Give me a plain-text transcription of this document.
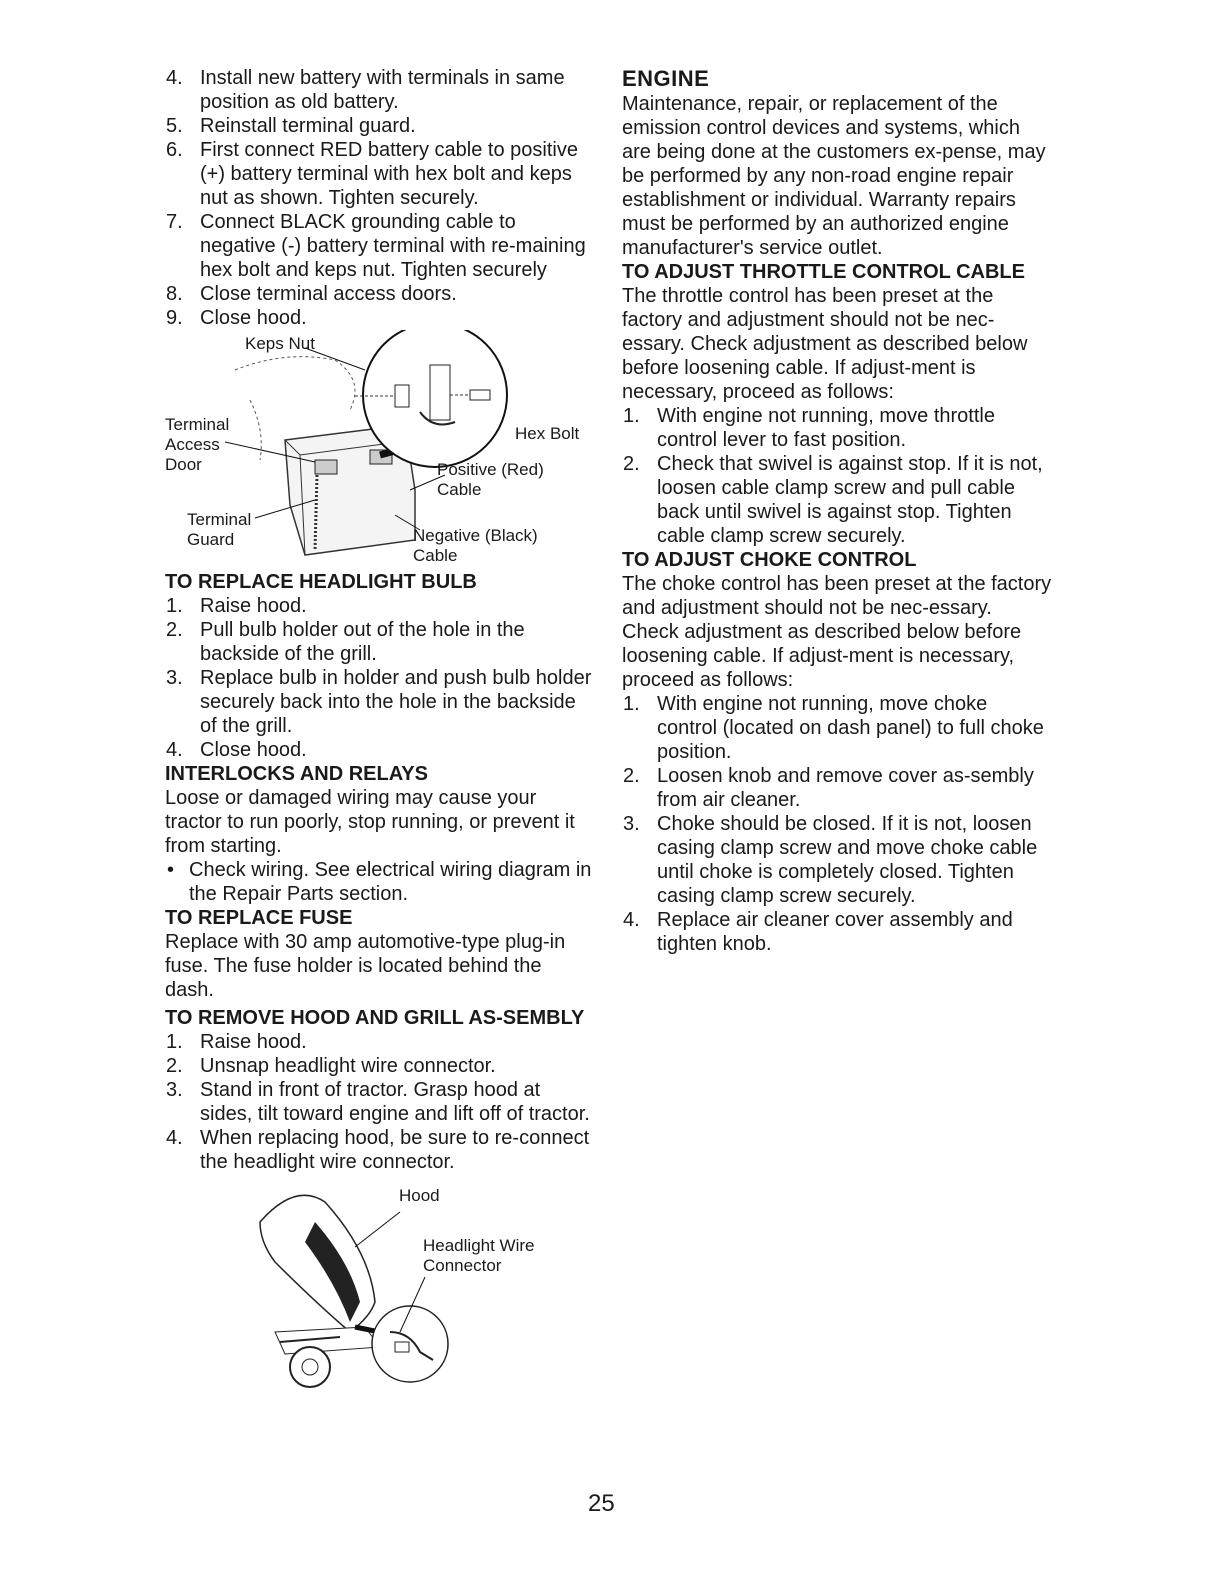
4. Install new battery with terminals in same position as old battery.
5. Reinstall terminal guard.
6. First connect RED battery cable to positive (+) battery terminal with hex bolt and keps nut as shown. Tighten securely.
7. Connect BLACK grounding cable to negative (-) battery terminal with re-maining hex bolt and keps nut. Tighten securely
8. Close terminal access doors.
9. Close hood.
Keps Nut
Terminal
Access
Door
Hex Bolt
Positive (Red)
Cable
Terminal
Guard	Negative (Black)
Cable

TO REPLACE HEADLIGHT BULB

1. Raise hood.
2. Pull bulb holder out of the hole in the backside of the grill.
3. Replace bulb in holder and push bulb holder securely back into the hole in the backside of the grill.
4. Close hood.

INTERLOCKS AND RELAYS

Loose or damaged wiring may cause your tractor to run poorly, stop running, or prevent it from starting.

• Check wiring. See electrical wiring diagram in the Repair Parts section.

TO REPLACE FUSE

Replace with 30 amp automotive-type plug-in fuse. The fuse holder is located behind the dash.

TO REMOVE HOOD AND GRILL AS-SEMBLY

1. Raise hood.
2. Unsnap headlight wire connector.
3. Stand in front of tractor. Grasp hood at sides, tilt toward engine and lift off of tractor.
4. When replacing hood, be sure to re-connect the headlight wire connector.
Hood
Headlight Wire
Connector

ENGINE

Maintenance, repair, or replacement of the emission control devices and systems, which are being done at the customers ex-pense, may be performed by any non-road engine repair establishment or individual. Warranty repairs must be performed by an authorized engine manufacturer's service outlet.

TO ADJUST THROTTLE CONTROL CABLE

The throttle control has been preset at the factory and adjustment should not be nec-essary. Check adjustment as described below before loosening cable. If adjust-ment is necessary, proceed as follows:

1. With engine not running, move throttle control lever to fast position.
2. Check that swivel is against stop. If it is not, loosen cable clamp screw and pull cable back until swivel is against stop. Tighten cable clamp screw securely.

TO ADJUST CHOKE CONTROL

The choke control has been preset at the factory and adjustment should not be nec-essary. Check adjustment as described below before loosening cable. If adjust-ment is necessary, proceed as follows:

1. With engine not running, move choke control (located on dash panel) to full choke position.
2. Loosen knob and remove cover as-sembly from air cleaner.
3. Choke should be closed. If it is not, loosen casing clamp screw and move choke cable until choke is completely closed. Tighten casing clamp screw securely.
4. Replace air cleaner cover assembly and tighten knob.
25
